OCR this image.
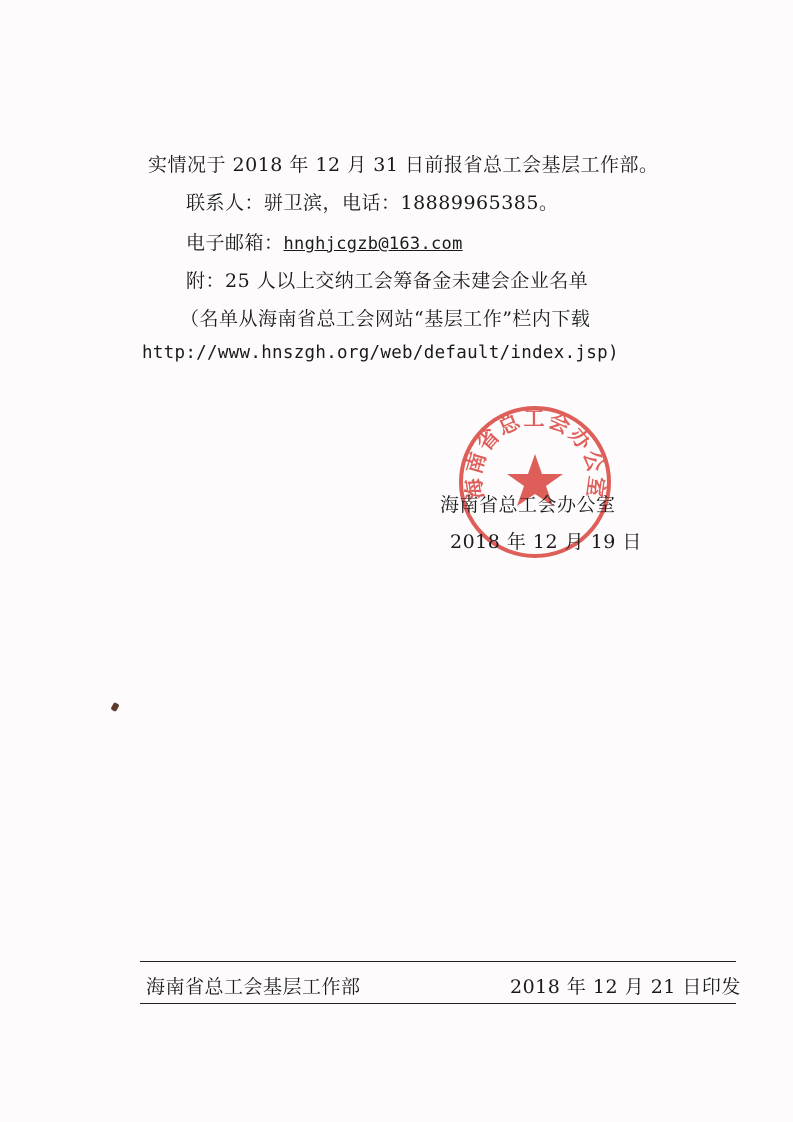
实情况于 2018 年 12 月 31 日前报省总工会基层工作部。
联系人：骈卫滨，电话：18889965385。
电子邮箱：hnghjcgzb@163.com
附：25 人以上交纳工会筹备金未建会企业名单
（名单从海南省总工会网站“基层工作”栏内下载
http://www.hnszgh.org/web/default/index.jsp)
海南省总工会办公室
海南省总工会办公室
2018 年 12 月 19 日
海南省总工会基层工作部	2018 年 12 月 21 日印发
